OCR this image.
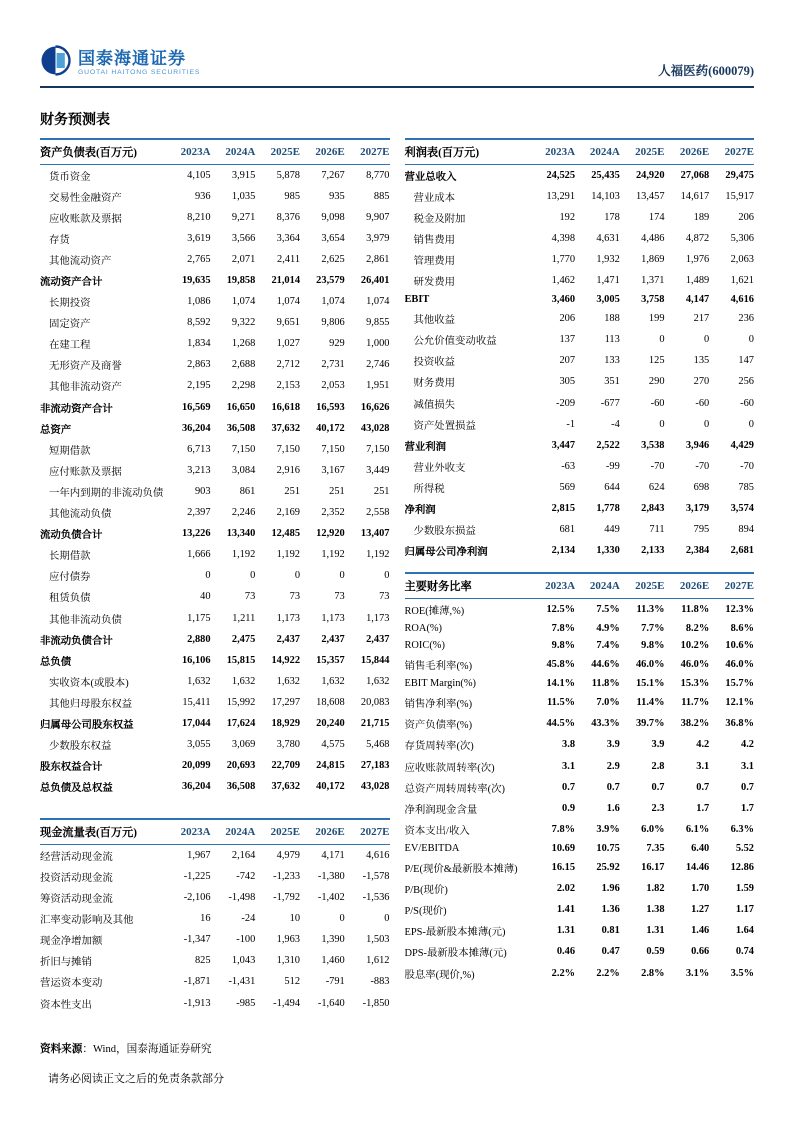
国泰海通证券
GUOTAI HAITONG SECURITIES	人福医药(600079)
财务预测表
资产负债表(百万元)	2023A	2024A	2025E	2026E	2027E
货币资金	4,105	3,915	5,878	7,267	8,770
交易性金融资产	936	1,035	985	935	885
应收账款及票据	8,210	9,271	8,376	9,098	9,907
存货	3,619	3,566	3,364	3,654	3,979
其他流动资产	2,765	2,071	2,411	2,625	2,861
流动资产合计	19,635	19,858	21,014	23,579	26,401
长期投资	1,086	1,074	1,074	1,074	1,074
固定资产	8,592	9,322	9,651	9,806	9,855
在建工程	1,834	1,268	1,027	929	1,000
无形资产及商誉	2,863	2,688	2,712	2,731	2,746
其他非流动资产	2,195	2,298	2,153	2,053	1,951
非流动资产合计	16,569	16,650	16,618	16,593	16,626
总资产	36,204	36,508	37,632	40,172	43,028
短期借款	6,713	7,150	7,150	7,150	7,150
应付账款及票据	3,213	3,084	2,916	3,167	3,449
一年内到期的非流动负债	903	861	251	251	251
其他流动负债	2,397	2,246	2,169	2,352	2,558
流动负债合计	13,226	13,340	12,485	12,920	13,407
长期借款	1,666	1,192	1,192	1,192	1,192
应付债券	0	0	0	0	0
租赁负债	40	73	73	73	73
其他非流动负债	1,175	1,211	1,173	1,173	1,173
非流动负债合计	2,880	2,475	2,437	2,437	2,437
总负债	16,106	15,815	14,922	15,357	15,844
实收资本(或股本)	1,632	1,632	1,632	1,632	1,632
其他归母股东权益	15,411	15,992	17,297	18,608	20,083
归属母公司股东权益	17,044	17,624	18,929	20,240	21,715
少数股东权益	3,055	3,069	3,780	4,575	5,468
股东权益合计	20,099	20,693	22,709	24,815	27,183
总负债及总权益	36,204	36,508	37,632	40,172	43,028
现金流量表(百万元)	2023A	2024A	2025E	2026E	2027E
经营活动现金流	1,967	2,164	4,979	4,171	4,616
投资活动现金流	-1,225	-742	-1,233	-1,380	-1,578
筹资活动现金流	-2,106	-1,498	-1,792	-1,402	-1,536
汇率变动影响及其他	16	-24	10	0	0
现金净增加额	-1,347	-100	1,963	1,390	1,503
折旧与摊销	825	1,043	1,310	1,460	1,612
营运资本变动	-1,871	-1,431	512	-791	-883
资本性支出	-1,913	-985	-1,494	-1,640	-1,850
资料来源：Wind，国泰海通证券研究
利润表(百万元)	2023A	2024A	2025E	2026E	2027E
营业总收入	24,525	25,435	24,920	27,068	29,475
营业成本	13,291	14,103	13,457	14,617	15,917
税金及附加	192	178	174	189	206
销售费用	4,398	4,631	4,486	4,872	5,306
管理费用	1,770	1,932	1,869	1,976	2,063
研发费用	1,462	1,471	1,371	1,489	1,621
EBIT	3,460	3,005	3,758	4,147	4,616
其他收益	206	188	199	217	236
公允价值变动收益	137	113	0	0	0
投资收益	207	133	125	135	147
财务费用	305	351	290	270	256
减值损失	-209	-677	-60	-60	-60
资产处置损益	-1	-4	0	0	0
营业利润	3,447	2,522	3,538	3,946	4,429
营业外收支	-63	-99	-70	-70	-70
所得税	569	644	624	698	785
净利润	2,815	1,778	2,843	3,179	3,574
少数股东损益	681	449	711	795	894
归属母公司净利润	2,134	1,330	2,133	2,384	2,681
主要财务比率	2023A	2024A	2025E	2026E	2027E
ROE(摊薄,%)	12.5%	7.5%	11.3%	11.8%	12.3%
ROA(%)	7.8%	4.9%	7.7%	8.2%	8.6%
ROIC(%)	9.8%	7.4%	9.8%	10.2%	10.6%
销售毛利率(%)	45.8%	44.6%	46.0%	46.0%	46.0%
EBIT Margin(%)	14.1%	11.8%	15.1%	15.3%	15.7%
销售净利率(%)	11.5%	7.0%	11.4%	11.7%	12.1%
资产负债率(%)	44.5%	43.3%	39.7%	38.2%	36.8%
存货周转率(次)	3.8	3.9	3.9	4.2	4.2
应收账款周转率(次)	3.1	2.9	2.8	3.1	3.1
总资产周转周转率(次)	0.7	0.7	0.7	0.7	0.7
净利润现金含量	0.9	1.6	2.3	1.7	1.7
资本支出/收入	7.8%	3.9%	6.0%	6.1%	6.3%
EV/EBITDA	10.69	10.75	7.35	6.40	5.52
P/E(现价&最新股本摊薄)	16.15	25.92	16.17	14.46	12.86
P/B(现价)	2.02	1.96	1.82	1.70	1.59
P/S(现价)	1.41	1.36	1.38	1.27	1.17
EPS-最新股本摊薄(元)	1.31	0.81	1.31	1.46	1.64
DPS-最新股本摊薄(元)	0.46	0.47	0.59	0.66	0.74
股息率(现价,%)	2.2%	2.2%	2.8%	3.1%	3.5%
请务必阅读正文之后的免责条款部分
